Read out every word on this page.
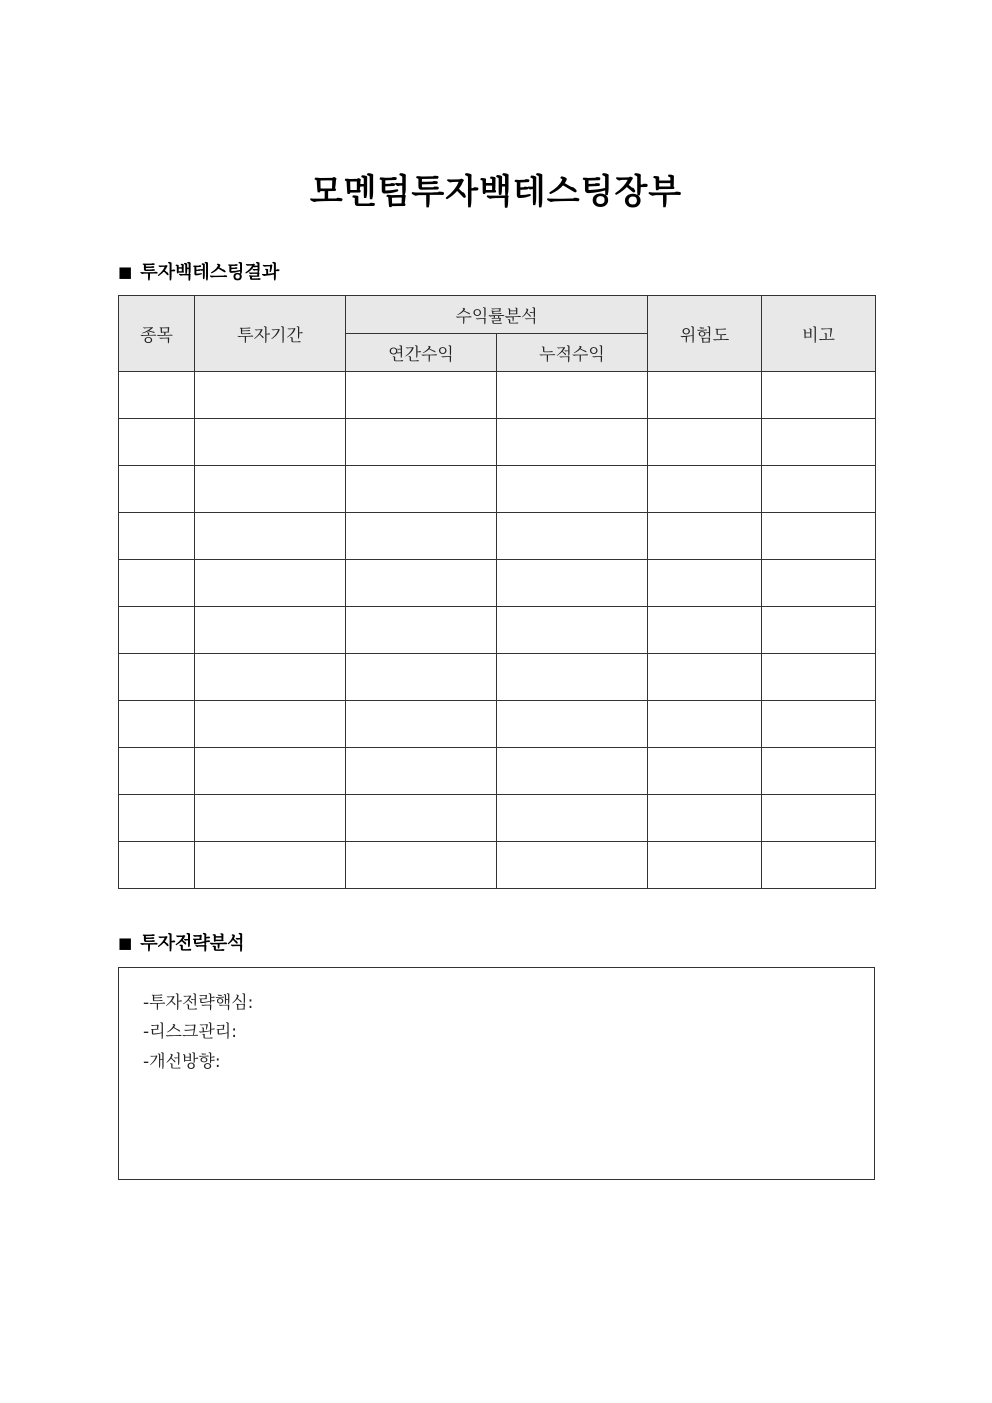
모멘텀투자백테스팅장부
■ 투자백테스팅결과
종목	투자기간	수익률분석		위험도	비고
		연간수익	누적수익		

■ 투자전략분석
-투자전략핵심:
-리스크관리:
-개선방향:
